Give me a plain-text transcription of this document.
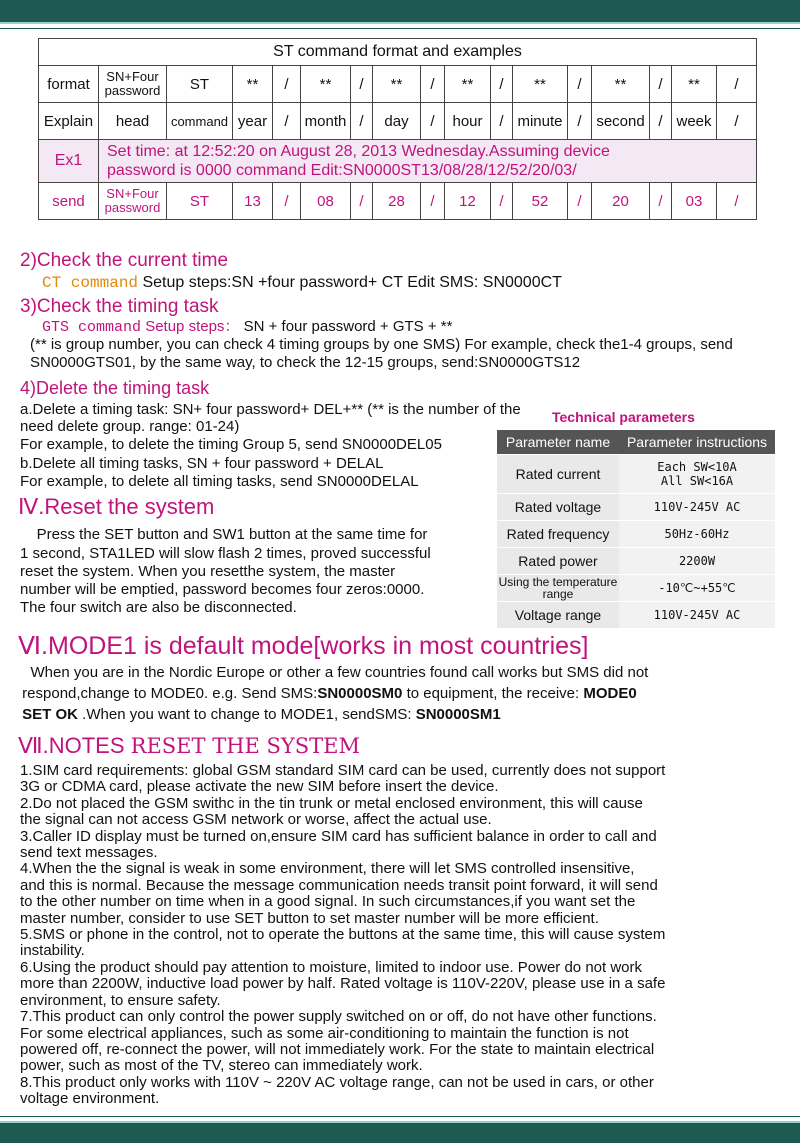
ST command format and examples																
format	SN+Four password	ST	**	/	**	/	**	/	**	/	**	/	**	/	**	/
Explain	head	command	year	/	month	/	day	/	hour	/	minute	/	second	/	week	/
Ex1	Set time: at 12:52:20 on August 28, 2013 Wednesday.Assuming device
password is 0000 command Edit:SN0000ST13/08/28/12/52/20/03/															

send	SN+Four password	ST	13	/	08	/	28	/	12	/	52	/	20	/	03	/
2)Check the current time
CT command Setup steps:SN +four password+ CT Edit SMS: SN0000CT
3)Check the timing task
GTS command Setup steps： SN + four password + GTS + **
(** is group number, you can check 4 timing groups by one SMS) For example, check the1-4 groups, send
SN0000GTS01, by the same way, to check the 12-15 groups, send:SN0000GTS12
4)Delete the timing task
a.Delete a timing task: SN+ four password+ DEL+** (** is the number of the
need delete group. range: 01-24)
For example, to delete the timing Group 5, send SN0000DEL05
b.Delete all timing tasks, SN + four password + DELAL
For example, to delete all timing tasks, send SN0000DELAL
Technical parameters
Parameter name	Parameter instructions
Rated current	Each SW<10A
All SW<16A

Rated voltage	110V-245V AC
Rated frequency	50Hz-60Hz
Rated power	2200W
Using the temperature range	-10℃~+55℃
Voltage range	110V-245V AC
Ⅳ.Reset the system
Press the SET button and SW1 button at the same time for
1 second, STA1LED will slow flash 2 times, proved successful
reset the system. When you resetthe system, the master
number will be emptied, password becomes four zeros:0000.
The four switch are also be disconnected.
Ⅵ.MODE1 is default mode[works in most countries]
When you are in the Nordic Europe or other a few countries found call works but SMS did not
respond,change to MODE0. e.g. Send SMS:SN0000SM0 to equipment, the receive: MODE0
SET OK .When you want to change to MODE1, sendSMS: SN0000SM1
Ⅶ.NOTES RESET THE SYSTEM

1.SIM card requirements: global GSM standard SIM card can be used, currently does not support
3G or CDMA card, please activate the new SIM before insert the device.

2.Do not placed the GSM swithc in the tin trunk or metal enclosed environment, this will cause
the signal can not access GSM network or worse, affect the actual use.

3.Caller ID display must be turned on,ensure SIM card has sufficient balance in order to call and
send text messages.

4.When the the signal is weak in some environment, there will let SMS controlled insensitive,
and this is normal. Because the message communication needs transit point forward, it will send
to the other number on time when in a good signal. In such circumstances,if you want set the
master number, consider to use SET button to set master number will be more efficient.

5.SMS or phone in the control, not to operate the buttons at the same time, this will cause system
instability.

6.Using the product should pay attention to moisture, limited to indoor use. Power do not work
more than 2200W, inductive load power by half. Rated voltage is 110V-220V, please use in a safe
environment, to ensure safety.

7.This product can only control the power supply switched on or off, do not have other functions.
For some electrical appliances, such as some air-conditioning to maintain the function is not
powered off, re-connect the power, will not immediately work. For the state to maintain electrical
power, such as most of the TV, stereo can immediately work.

8.This product only works with 110V ~ 220V AC voltage range, can not be used in cars, or other
voltage environment.
